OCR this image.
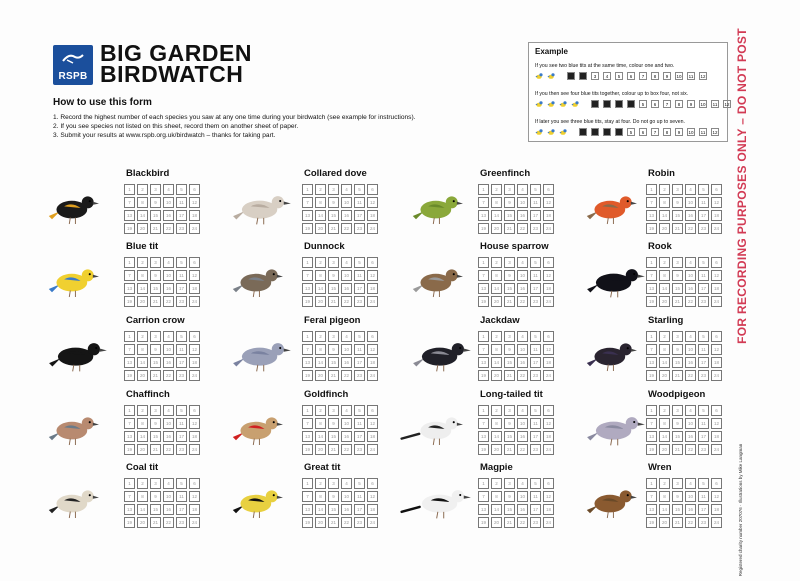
RSPB
BIG GARDEN
BIRDWATCH
How to use this form
1. Record the highest number of each species you saw at any one time during your birdwatch (see example for instructions).
2. If you see species not listed on this sheet, record them on another sheet of paper.
3. Submit your results at www.rspb.org.uk/birdwatch – thanks for taking part.
Example
If you see two blue tits at the same time, colour one and two.
1	2	3	4	5	6	7	8	9	10	11	12
If you then see four blue tits together, colour up to box four, not six.
1	2	3	4	5	6	7	8	9	10	11	12
If later you see three blue tits, stay at four. Do not go up to seven.
1	2	3	4	5	6	7	8	9	10	11	12
Blackbird
1	2	3	4	5	6
7	8	9	10	11	12
13	14	15	16	17	18
19	20	21	22	23	24
Blue tit
1	2	3	4	5	6
7	8	9	10	11	12
13	14	15	16	17	18
19	20	21	22	23	24
Carrion crow
1	2	3	4	5	6
7	8	9	10	11	12
13	14	15	16	17	18
19	20	21	22	23	24
Chaffinch
1	2	3	4	5	6
7	8	9	10	11	12
13	14	15	16	17	18
19	20	21	22	23	24
Coal tit
1	2	3	4	5	6
7	8	9	10	11	12
13	14	15	16	17	18
19	20	21	22	23	24
Collared dove
1	2	3	4	5	6
7	8	9	10	11	12
13	14	15	16	17	18
19	20	21	22	23	24
Dunnock
1	2	3	4	5	6
7	8	9	10	11	12
13	14	15	16	17	18
19	20	21	22	23	24
Feral pigeon
1	2	3	4	5	6
7	8	9	10	11	12
13	14	15	16	17	18
19	20	21	22	23	24
Goldfinch
1	2	3	4	5	6
7	8	9	10	11	12
13	14	15	16	17	18
19	20	21	22	23	24
Great tit
1	2	3	4	5	6
7	8	9	10	11	12
13	14	15	16	17	18
19	20	21	22	23	24
Greenfinch
1	2	3	4	5	6
7	8	9	10	11	12
13	14	15	16	17	18
19	20	21	22	23	24
House sparrow
1	2	3	4	5	6
7	8	9	10	11	12
13	14	15	16	17	18
19	20	21	22	23	24
Jackdaw
1	2	3	4	5	6
7	8	9	10	11	12
13	14	15	16	17	18
19	20	21	22	23	24
Long-tailed tit
1	2	3	4	5	6
7	8	9	10	11	12
13	14	15	16	17	18
19	20	21	22	23	24
Magpie
1	2	3	4	5	6
7	8	9	10	11	12
13	14	15	16	17	18
19	20	21	22	23	24
Robin
1	2	3	4	5	6
7	8	9	10	11	12
13	14	15	16	17	18
19	20	21	22	23	24
Rook
1	2	3	4	5	6
7	8	9	10	11	12
13	14	15	16	17	18
19	20	21	22	23	24
Starling
1	2	3	4	5	6
7	8	9	10	11	12
13	14	15	16	17	18
19	20	21	22	23	24
Woodpigeon
1	2	3	4	5	6
7	8	9	10	11	12
13	14	15	16	17	18
19	20	21	22	23	24
Wren
1	2	3	4	5	6
7	8	9	10	11	12
13	14	15	16	17	18
19	20	21	22	23	24
FOR RECORDING PURPOSES ONLY – DO NOT POST
Registered charity number 207076 · Illustrations by Mike Langman
